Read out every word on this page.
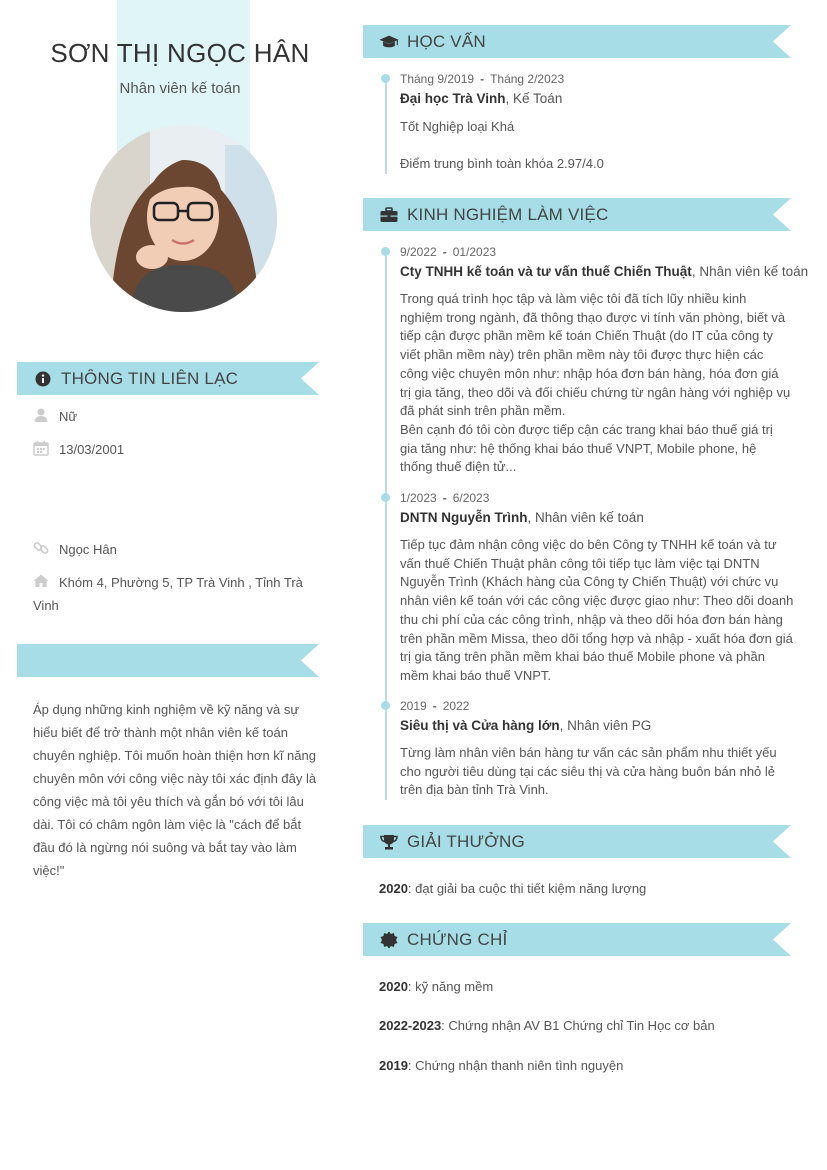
SƠN THỊ NGỌC HÂN
Nhân viên kế toán
THÔNG TIN LIÊN LẠC
Nữ
13/03/2001
Ngọc Hân
Khóm 4, Phường 5, TP Trà Vinh , Tỉnh Trà Vinh
Áp dụng những kinh nghiệm về kỹ năng và sự hiểu biết để trở thành một nhân viên kế toán chuyên nghiệp. Tôi muốn hoàn thiện hơn kĩ năng chuyên môn với công việc này tôi xác định đây là công việc mà tôi yêu thích và gắn bó với tôi lâu dài. Tôi có châm ngôn làm việc là "cách để bắt đầu đó là ngừng nói suông và bắt tay vào làm việc!"
HỌC VẤN
Tháng 9/2019 - Tháng 2/2023
Đại học Trà Vinh, Kế Toán
Tốt Nghiệp loại Khá
Điểm trung bình toàn khóa 2.97/4.0
KINH NGHIỆM LÀM VIỆC
9/2022 - 01/2023
Cty TNHH kế toán và tư vấn thuế Chiến Thuật, Nhân viên kế toán
Trong quá trình học tập và làm việc tôi đã tích lũy nhiều kinh nghiệm trong ngành, đã thông thạo được vi tính văn phòng, biết và tiếp cận được phần mềm kế toán Chiến Thuật (do IT của công ty viết phần mềm này) trên phần mềm này tôi được thực hiện các công việc chuyên môn như: nhập hóa đơn bán hàng, hóa đơn giá trị gia tăng, theo dõi và đối chiếu chứng từ ngân hàng với nghiệp vụ đã phát sinh trên phần mềm.
Bên cạnh đó tôi còn được tiếp cận các trang khai báo thuế giá trị gia tăng như: hệ thống khai báo thuế VNPT, Mobile phone, hệ thống thuế điện tử...
1/2023 - 6/2023
DNTN Nguyễn Trình, Nhân viên kế toán
Tiếp tục đảm nhận công việc do bên Công ty TNHH kế toán và tư vấn thuế Chiến Thuật phân công tôi tiếp tục làm việc tại DNTN Nguyễn Trình (Khách hàng của Công ty Chiến Thuật) với chức vụ nhân viên kế toán với các công việc được giao như: Theo dõi doanh thu chi phí của các công trình, nhập và theo dõi hóa đơn bán hàng trên phần mềm Missa, theo dõi tổng hợp và nhập - xuất hóa đơn giá trị gia tăng trên phần mềm khai báo thuế Mobile phone và phần mềm khai báo thuế VNPT.
2019 - 2022
Siêu thị và Cửa hàng lớn, Nhân viên PG
Từng làm nhân viên bán hàng tư vấn các sản phẩm nhu thiết yếu cho người tiêu dùng tại các siêu thị và cửa hàng buôn bán nhỏ lẻ trên địa bàn tỉnh Trà Vinh.
GIẢI THƯỞNG
2020: đạt giải ba cuộc thi tiết kiệm năng lượng
CHỨNG CHỈ
2020: kỹ năng mềm
2022-2023: Chứng nhận AV B1 Chứng chỉ Tin Học cơ bản
2019: Chứng nhận thanh niên tình nguyện
